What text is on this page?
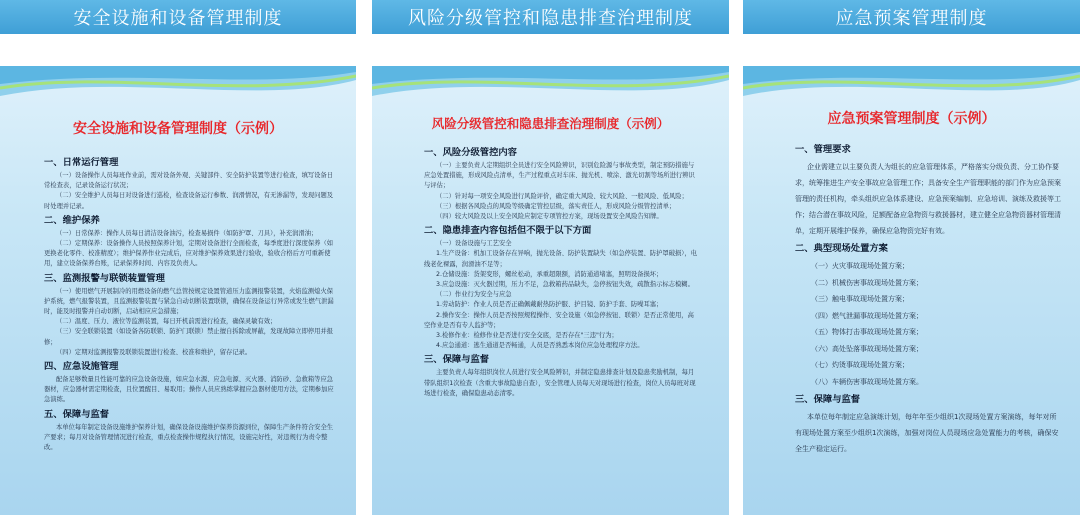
安全设施和设备管理制度
安全设施和设备管理制度（示例）
一、日常运行管理

（一）设备操作人员每班作业前，需对设备外观、关键部件、安全防护装置等进行检查，填写设备日常检查表，记录设备运行状况；

（二）安全维护人员每日对设备进行巡检，检查设备运行参数、润滑情况，有无渗漏等，发现问题及时处理并记录。

二、维护保养

（一）日常保养：操作人员每日清洁设备油污，检查易损件（如防护罩、刀具），补充润滑油；

（二）定期保养：设备操作人员按照保养计划，定期对设备进行全面检查，每季度进行深度保养（如更换老化零件、校准精度）；维护保养作业完成后，应对维护保养效果进行验收，验收合格后方可重新使用，建立设备保养台账，记录保养时间、内容及负责人。

三、监测报警与联锁装置管理

（一）使用燃气开展制冷的用燃设备的燃气总管按规定设置管道压力监测报警装置，火焰监测熄火保护系统，燃气报警装置，且监测报警装置与紧急自动切断装置联锁，确保在设备运行异常或发生燃气泄漏时，能及时报警并自动切断，启动相应应急措施；

（二）温度、压力、液位等监测装置，每日开机前需进行检查，确保灵敏有效；

（三）安全联锁装置（如设备各防联锁、防护门联锁）禁止擅自拆除或屏蔽，发现故障立即停用并报修；

（四）定期对监测报警及联锁装置进行检查、校准和维护，留存记录。

四、应急设施管理

配备足够数量且性能可靠的应急设备设施，如应急水源、应急电源、灭火器、消防砂、急救箱等应急器材，应急器材需定期检查，且位置醒目、易取用；操作人员应熟练掌握应急器材使用方法，定期参加应急演练。

五、保障与监督

本单位每年制定设备设施维护保养计划，确保设备设施维护保养资源到位，保障生产条件符合安全生产要求；每月对设备管理情况进行检查，重点检查操作规程执行情况，设施完好性，对违规行为责令整改。

风险分级管控和隐患排查治理制度
风险分级管控和隐患排查治理制度（示例）
一、风险分级管控内容

（一）主要负责人定期组织全员进行安全风险辨识，识别危险源与事故类型，制定预防措施与应急处置措施，形成风险点清单，生产过程重点对车床、抛光机、喷涂、激光切割等场所进行辨识与评估；

（二）针对每一项安全风险进行风险评价，确定重大风险、较大风险、一般风险、低风险；

（三）根据各风险点的风险等级确定管控层级，落实责任人，形成风险分级管控清单；

（四）较大风险及以上安全风险应制定专项管控方案，现场设置安全风险告知牌。

二、隐患排查内容包括但不限于以下方面

（一）设备设施与工艺安全

1.生产设备：机加工设备存在异响，抛光设备、防护装置缺失（如急停装置、防护罩破损），电线老化裸露，润滑油不足等；

2.仓储设施：货架变形，螺丝松动，承重超限额，消防通道堵塞，照明设备损坏；

3.应急设施：灭火器过期，压力不足，急救箱药品缺失，急停按钮失效，疏散指示标志模糊。

（二）作业行为安全与应急

1.劳动防护：作业人员是否正确佩戴耐热防护服、护目镜、防护手套、防噪耳塞；

2.操作安全：操作人员是否按照规程操作、安全设施（如急停按钮、联锁）是否正常使用，高空作业是否有专人监护等；

3.检修作业：检修作业是否进行安全交底，是否存在"三违"行为；

4.应急通道：逃生通道是否畅通，人员是否熟悉本岗位应急处理程序方法。

三、保障与监督

主要负责人每年组织岗位人员进行安全风险辨识，并制定隐患排查计划及隐患奖励机制，每月带队组织1次检查（含重大事故隐患自查），安全管理人员每天对现场进行检查，岗位人员每班对现场进行检查，确保隐患动态清零。

应急预案管理制度
应急预案管理制度（示例）
一、管理要求

企业需建立以主要负责人为组长的应急管理体系，严格落实分级负责、分工协作要求，统筹推进生产安全事故应急管理工作；具备安全生产管理职能的部门作为应急预案管理的责任机构，牵头组织应急体系建设、应急预案编制、应急培训、演练及救援等工作；结合潜在事故风险，足额配备应急物资与救援器材，建立健全应急物资器材管理清单，定期开展维护保养，确保应急物资完好有效。

二、典型现场处置方案

（一）火灾事故现场处置方案；

（二）机械伤害事故现场处置方案；

（三）触电事故现场处置方案；

（四）燃气泄漏事故现场处置方案；

（五）物体打击事故现场处置方案；

（六）高处坠落事故现场处置方案；

（七）灼烫事故现场处置方案；

（八）车辆伤害事故现场处置方案。

三、保障与监督

本单位每年制定应急演练计划，每年年至少组织1次现场处置方案演练，每年对所有现场处置方案至少组织1次演练，加强对岗位人员现场应急处置能力的考核，确保安全生产稳定运行。
